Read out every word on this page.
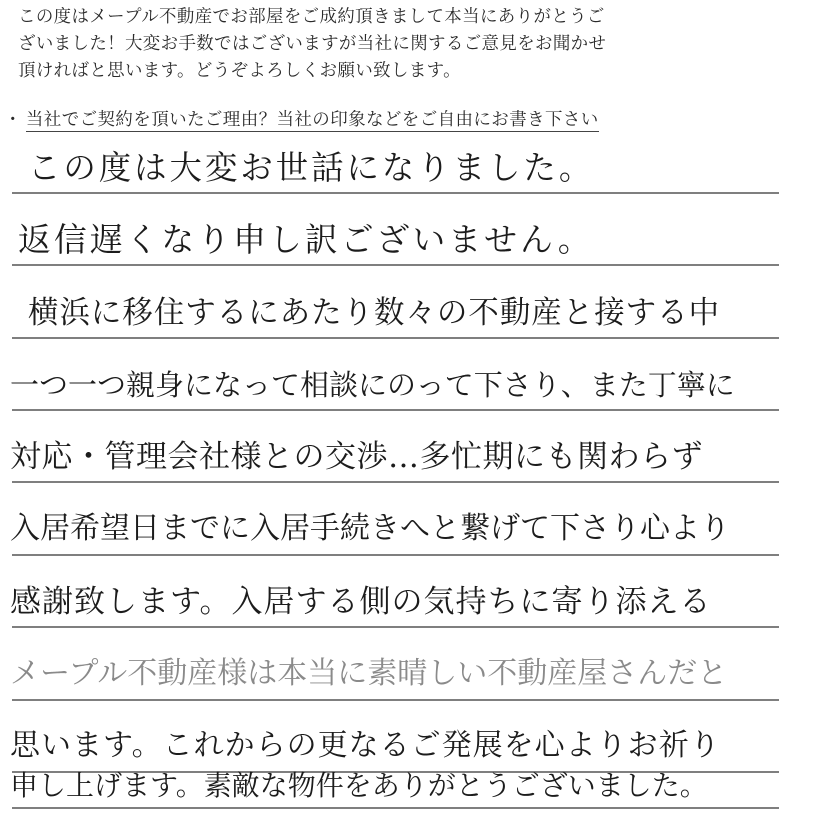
この度はメープル不動産でお部屋をご成約頂きまして本当にありがとうご ざいました！大変お手数ではございますが当社に関するご意見をお聞かせ 頂ければと思います。どうぞよろしくお願い致します。
・ 当社でご契約を頂いたご理由？当社の印象などをご自由にお書き下さい
この度は大変お世話になりました。
返信遅くなり申し訳ございません。
横浜に移住するにあたり数々の不動産と接する中
一つ一つ親身になって相談にのって下さり、また丁寧に
対応・管理会社様との交渉…多忙期にも関わらず
入居希望日までに入居手続きへと繋げて下さり心より
感謝致します。入居する側の気持ちに寄り添える
メープル不動産様は本当に素晴しい不動産屋さんだと
思います。これからの更なるご発展を心よりお祈り
申し上げます。素敵な物件をありがとうございました。
